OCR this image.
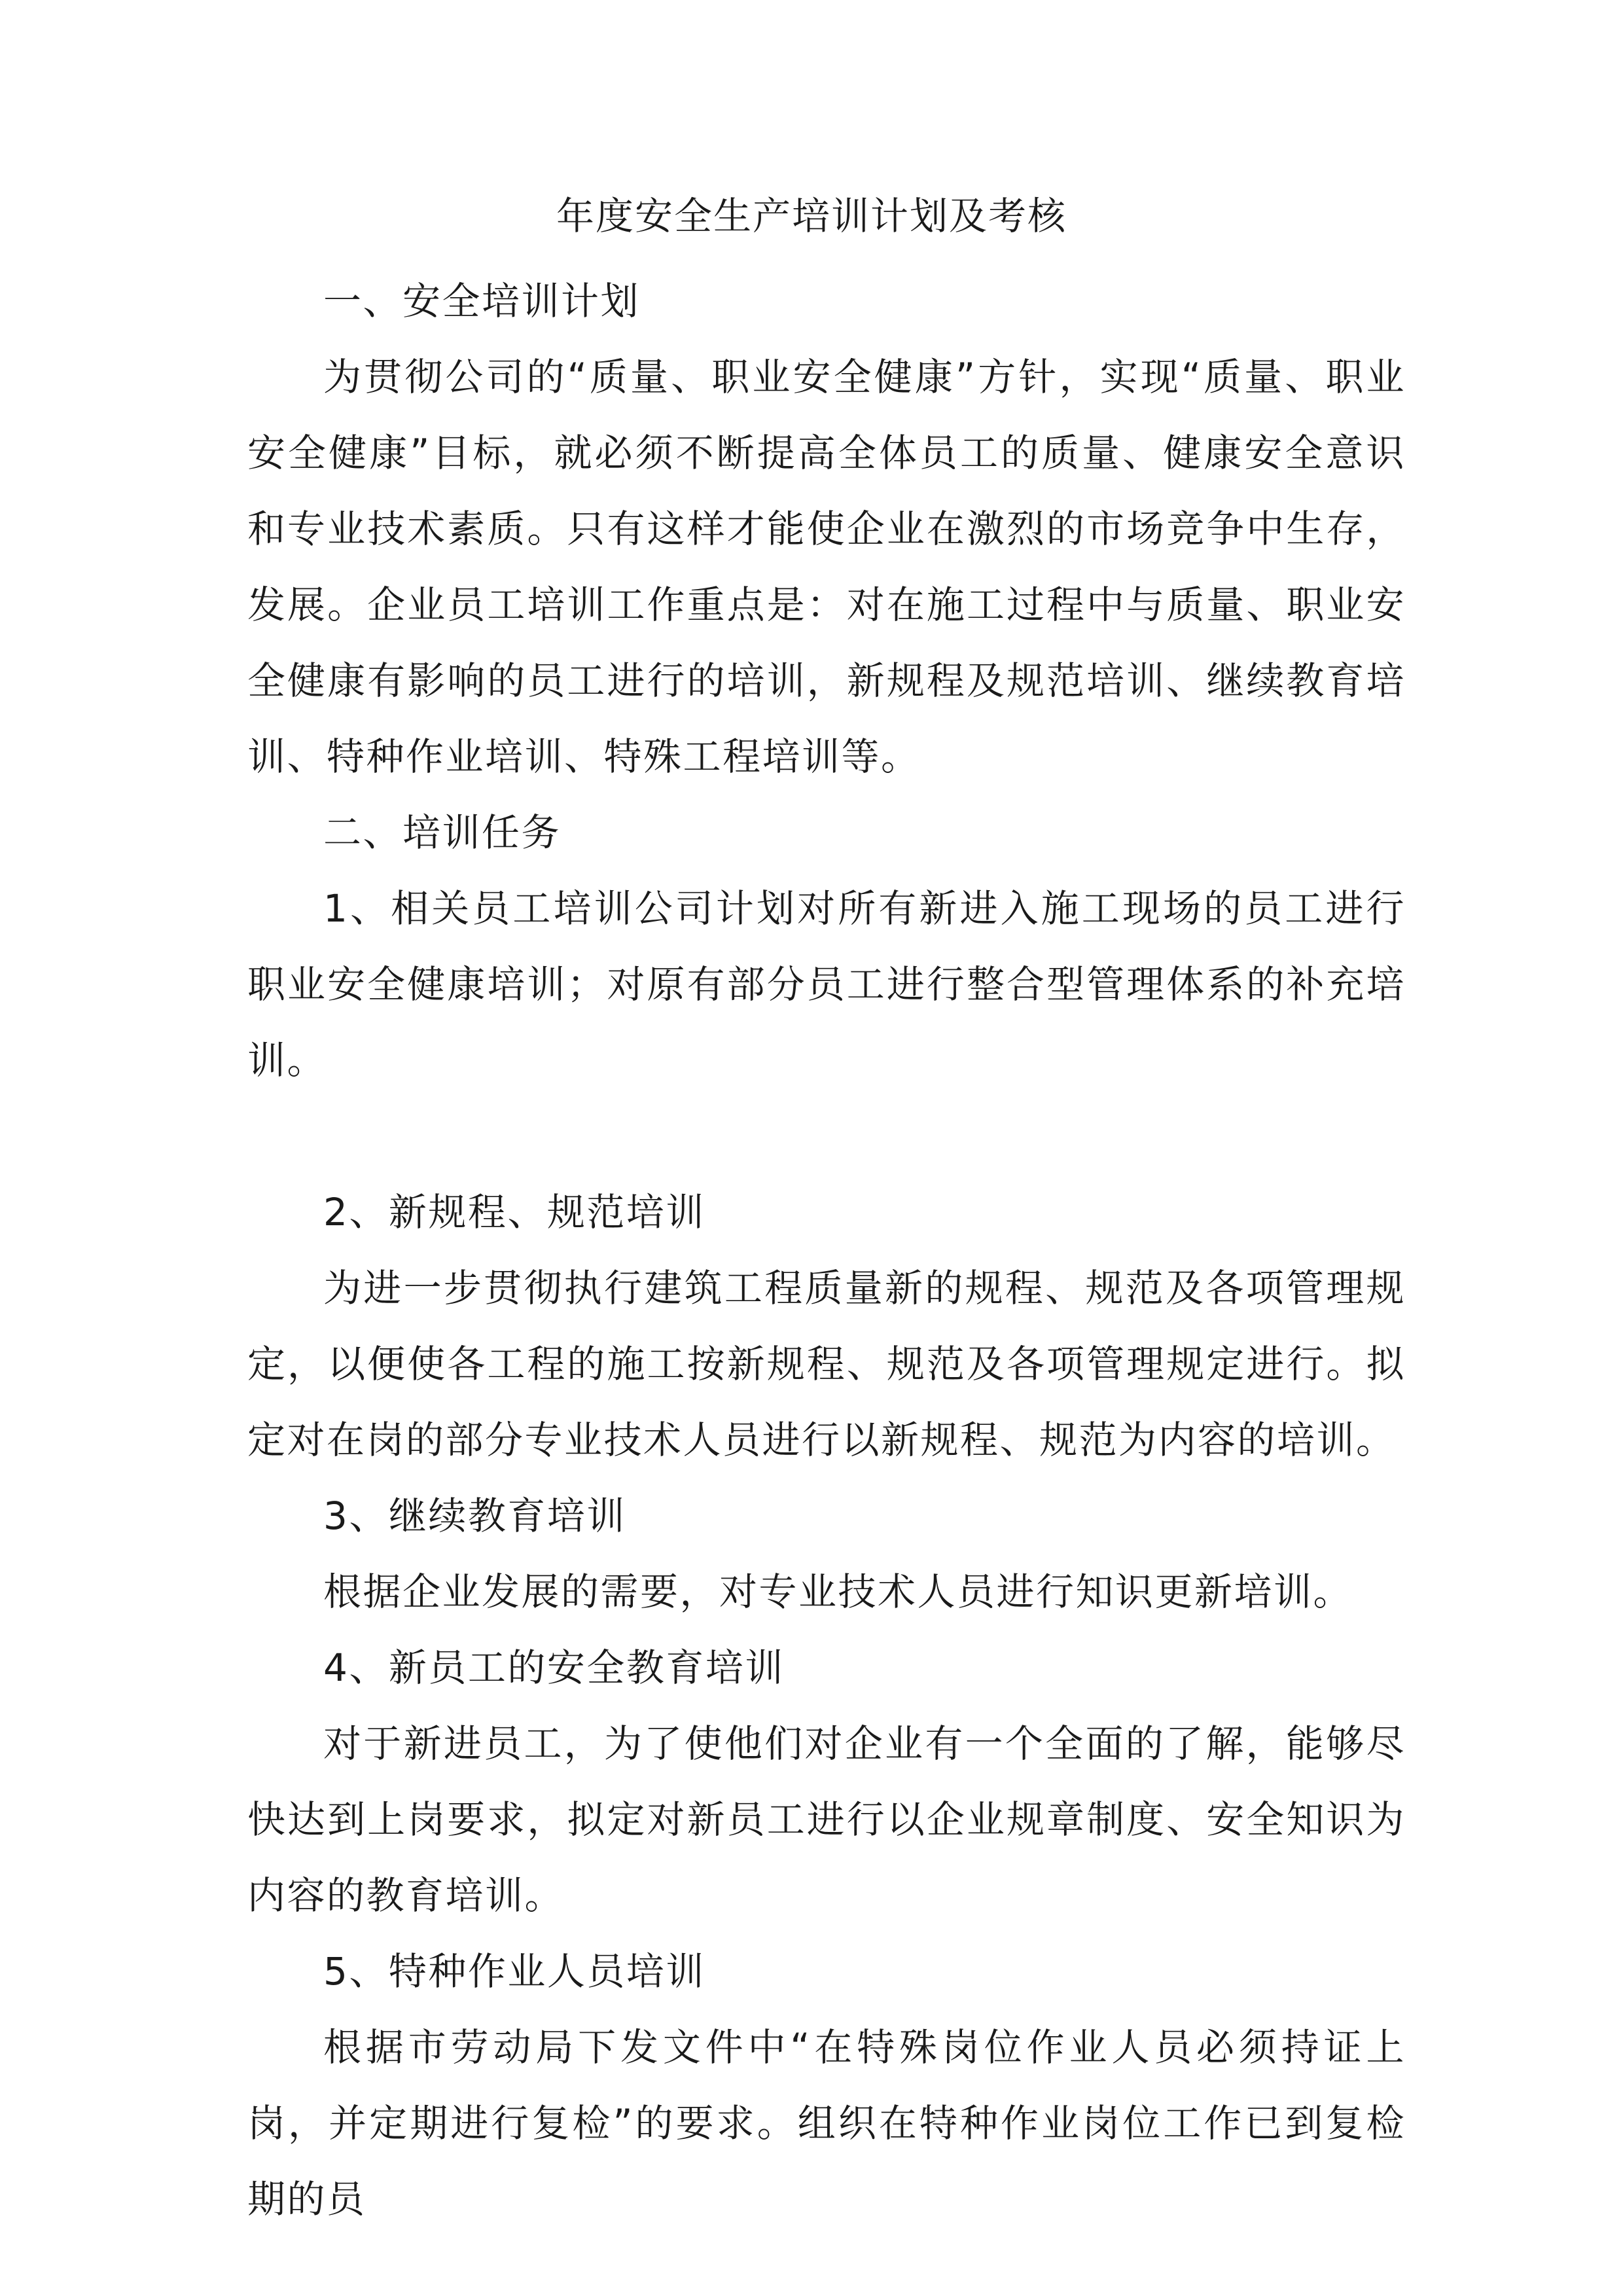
年度安全生产培训计划及考核

一、安全培训计划

为贯彻公司的“质量、职业安全健康”方针，实现“质量、职业安全健康”目标，就必须不断提高全体员工的质量、健康安全意识和专业技术素质。只有这样才能使企业在激烈的市场竞争中生存，发展。企业员工培训工作重点是：对在施工过程中与质量、职业安全健康有影响的员工进行的培训，新规程及规范培训、继续教育培训、特种作业培训、特殊工程培训等。

二、培训任务

1、相关员工培训公司计划对所有新进入施工现场的员工进行职业安全健康培训；对原有部分员工进行整合型管理体系的补充培训。

2、新规程、规范培训

为进一步贯彻执行建筑工程质量新的规程、规范及各项管理规定，以便使各工程的施工按新规程、规范及各项管理规定进行。拟定对在岗的部分专业技术人员进行以新规程、规范为内容的培训。

3、继续教育培训

根据企业发展的需要，对专业技术人员进行知识更新培训。

4、新员工的安全教育培训

对于新进员工，为了使他们对企业有一个全面的了解，能够尽快达到上岗要求，拟定对新员工进行以企业规章制度、安全知识为内容的教育培训。

5、特种作业人员培训

根据市劳动局下发文件中“在特殊岗位作业人员必须持证上岗，并定期进行复检”的要求。组织在特种作业岗位工作已到复检期的员
